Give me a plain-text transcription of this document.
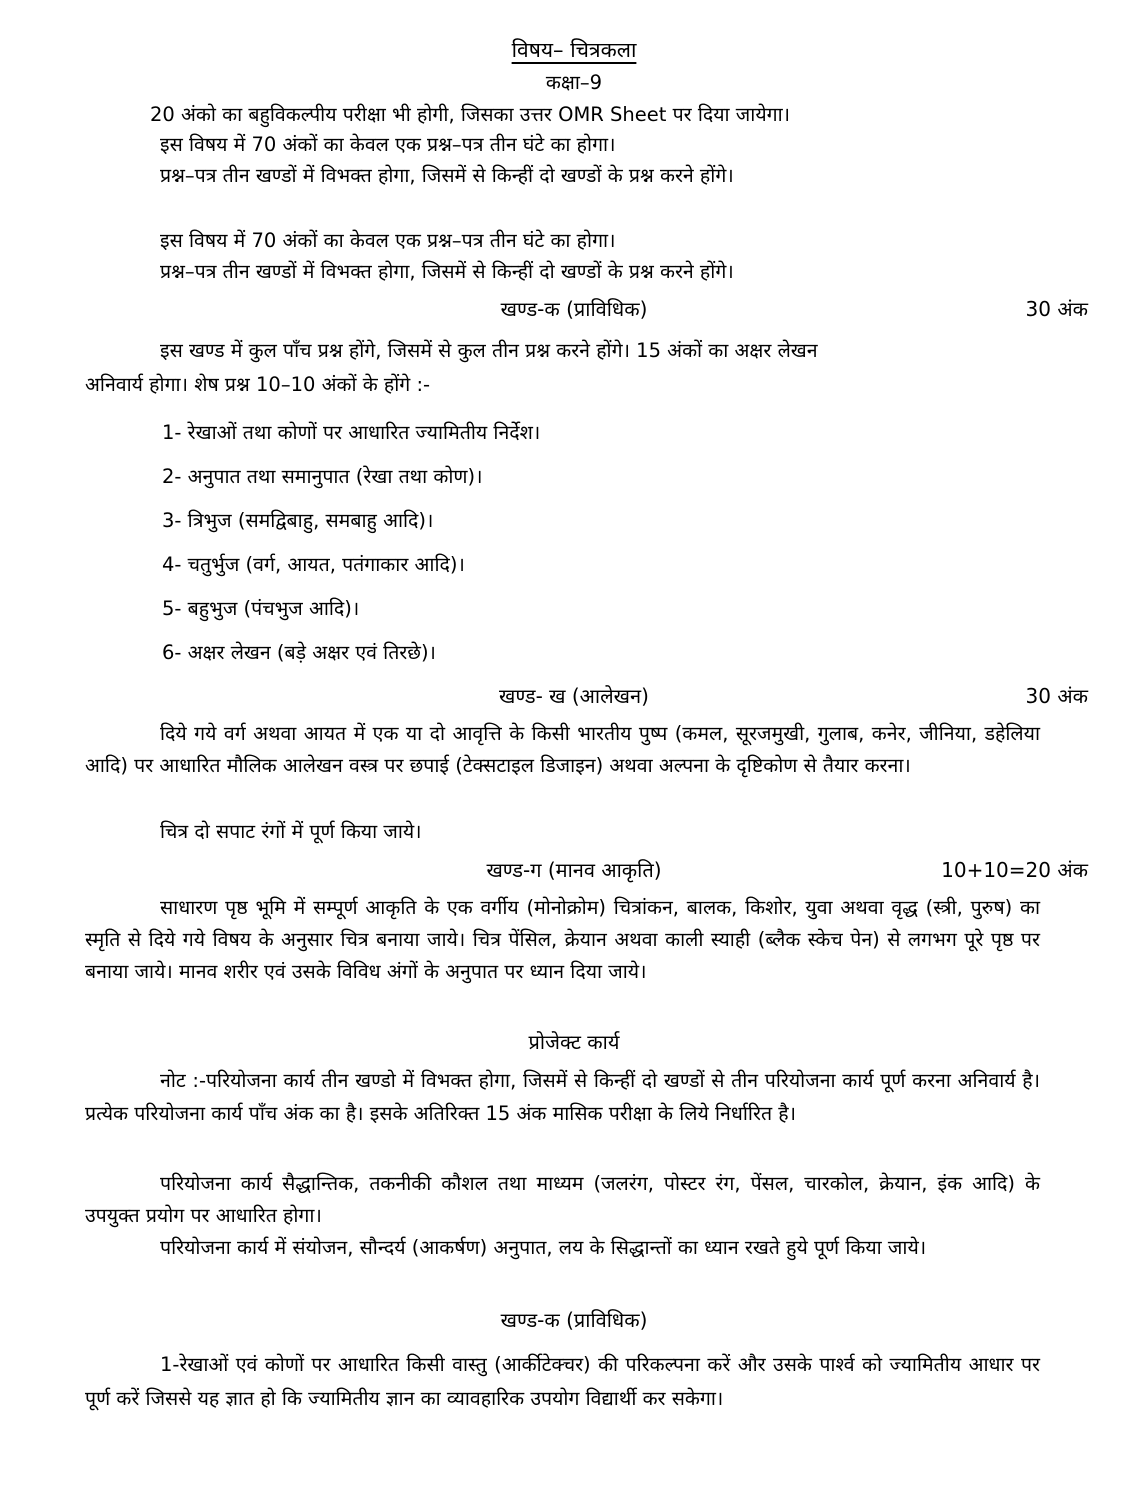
विषय– चित्रकला
कक्षा–9
20 अंको का बहुविकल्पीय परीक्षा भी होगी, जिसका उत्तर OMR Sheet पर दिया जायेगा।
इस विषय में 70 अंकों का केवल एक प्रश्न–पत्र तीन घंटे का होगा।
प्रश्न–पत्र तीन खण्डों में विभक्त होगा, जिसमें से किन्हीं दो खण्डों के प्रश्न करने होंगे।
इस विषय में 70 अंकों का केवल एक प्रश्न–पत्र तीन घंटे का होगा।
प्रश्न–पत्र तीन खण्डों में विभक्त होगा, जिसमें से किन्हीं दो खण्डों के प्रश्न करने होंगे।
खण्ड-क (प्राविधिक)	30 अंक
इस खण्ड में कुल पाँच प्रश्न होंगे, जिसमें से कुल तीन प्रश्न करने होंगे। 15 अंकों का अक्षर लेखन
अनिवार्य होगा। शेष प्रश्न 10–10 अंकों के होंगे :-
1- रेखाओं तथा कोणों पर आधारित ज्यामितीय निर्देश।
2- अनुपात तथा समानुपात (रेखा तथा कोण)।
3- त्रिभुज (समद्विबाहु, समबाहु आदि)।
4- चतुर्भुज (वर्ग, आयत, पतंगाकार आदि)।
5- बहुभुज (पंचभुज आदि)।
6- अक्षर लेखन (बड़े अक्षर एवं तिरछे)।
खण्ड- ख (आलेखन)	30 अंक
दिये गये वर्ग अथवा आयत में एक या दो आवृत्ति के किसी भारतीय पुष्प (कमल, सूरजमुखी, गुलाब, कनेर, जीनिया, डहेलिया आदि) पर आधारित मौलिक आलेखन वस्त्र पर छपाई (टेक्सटाइल डिजाइन) अथवा अल्पना के दृष्टिकोण से तैयार करना।
चित्र दो सपाट रंगों में पूर्ण किया जाये।
खण्ड-ग (मानव आकृति)	10+10=20 अंक
साधारण पृष्ठ भूमि में सम्पूर्ण आकृति के एक वर्गीय (मोनोक्रोम) चित्रांकन, बालक, किशोर, युवा अथवा वृद्ध (स्त्री, पुरुष) का स्मृति से दिये गये विषय के अनुसार चित्र बनाया जाये। चित्र पेंसिल, क्रेयान अथवा काली स्याही (ब्लैक स्केच पेन) से लगभग पूरे पृष्ठ पर बनाया जाये। मानव शरीर एवं उसके विविध अंगों के अनुपात पर ध्यान दिया जाये।
प्रोजेक्ट कार्य
नोट :-परियोजना कार्य तीन खण्डो में विभक्त होगा, जिसमें से किन्हीं दो खण्डों से तीन परियोजना कार्य पूर्ण करना अनिवार्य है। प्रत्येक परियोजना कार्य पाँच अंक का है। इसके अतिरिक्त 15 अंक मासिक परीक्षा के लिये निर्धारित है।
परियोजना कार्य सैद्धान्तिक, तकनीकी कौशल तथा माध्यम (जलरंग, पोस्टर रंग, पेंसल, चारकोल, क्रेयान, इंक आदि) के उपयुक्त प्रयोग पर आधारित होगा।
परियोजना कार्य में संयोजन, सौन्दर्य (आकर्षण) अनुपात, लय के सिद्धान्तों का ध्यान रखते हुये पूर्ण किया जाये।
खण्ड-क (प्राविधिक)
1-रेखाओं एवं कोणों पर आधारित किसी वास्तु (आर्कीटेक्चर) की परिकल्पना करें और उसके पार्श्व को ज्यामितीय आधार पर पूर्ण करें जिससे यह ज्ञात हो कि ज्यामितीय ज्ञान का व्यावहारिक उपयोग विद्यार्थी कर सकेगा।
